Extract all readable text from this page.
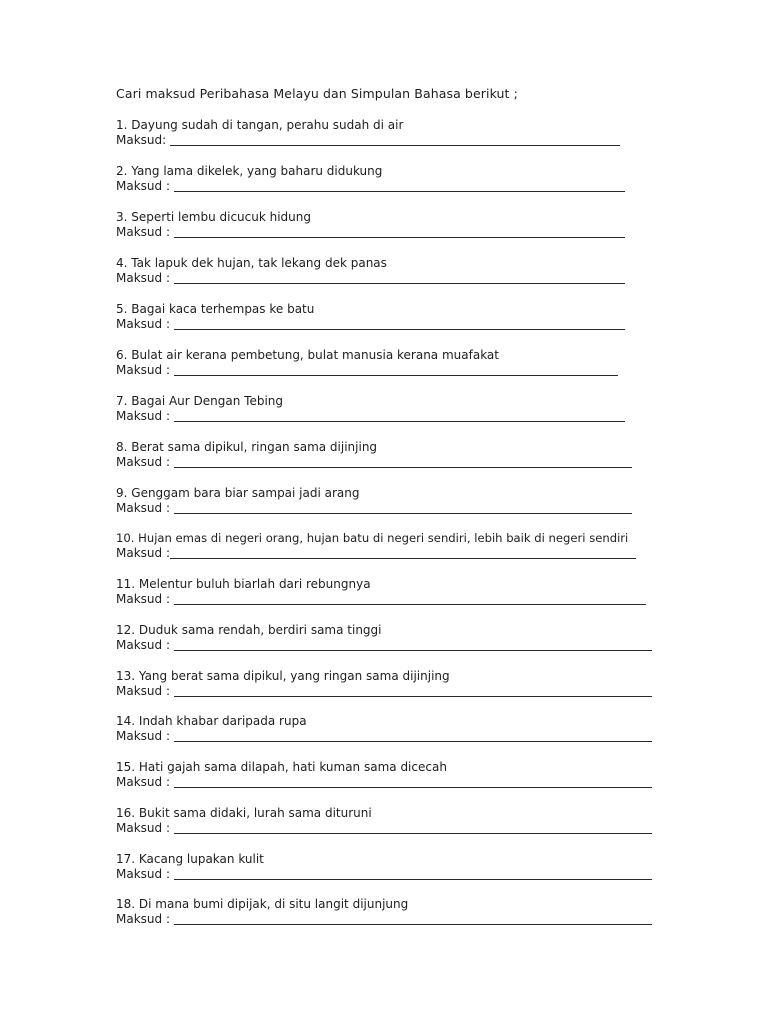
Cari maksud Peribahasa Melayu dan Simpulan Bahasa berikut ;
1. Dayung sudah di tangan, perahu sudah di air
Maksud:
2. Yang lama dikelek, yang baharu didukung
Maksud :
3. Seperti lembu dicucuk hidung
Maksud :
4. Tak lapuk dek hujan, tak lekang dek panas
Maksud :
5. Bagai kaca terhempas ke batu
Maksud :
6. Bulat air kerana pembetung, bulat manusia kerana muafakat
Maksud :
7. Bagai Aur Dengan Tebing
Maksud :
8. Berat sama dipikul, ringan sama dijinjing
Maksud :
9. Genggam bara biar sampai jadi arang
Maksud :
10. Hujan emas di negeri orang, hujan batu di negeri sendiri, lebih baik di negeri sendiri
Maksud :
11. Melentur buluh biarlah dari rebungnya
Maksud :
12. Duduk sama rendah, berdiri sama tinggi
Maksud :
13. Yang berat sama dipikul, yang ringan sama dijinjing
Maksud :
14. Indah khabar daripada rupa
Maksud :
15. Hati gajah sama dilapah, hati kuman sama dicecah
Maksud :
16. Bukit sama didaki, lurah sama dituruni
Maksud :
17. Kacang lupakan kulit
Maksud :
18. Di mana bumi dipijak, di situ langit dijunjung
Maksud :
